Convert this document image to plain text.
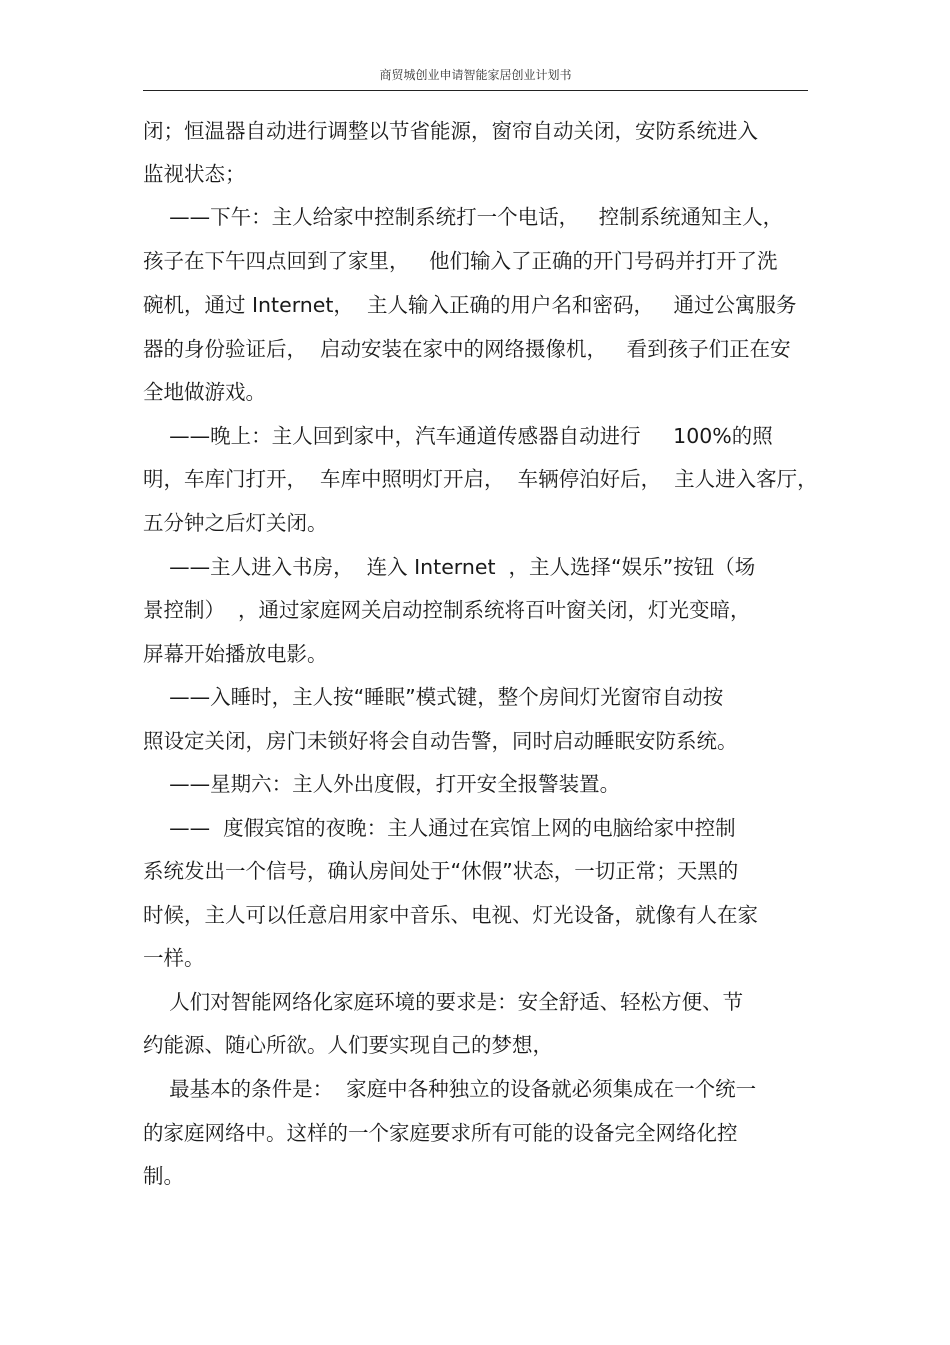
商贸城创业申请智能家居创业计划书
闭；恒温器自动进行调整以节省能源，窗帘自动关闭，安防系统进入
监视状态；
——下午：主人给家中控制系统打一个电话，   控制系统通知主人，
孩子在下午四点回到了家里，   他们输入了正确的开门号码并打开了洗
碗机，通过 Internet，  主人输入正确的用户名和密码，   通过公寓服务
器的身份验证后，  启动安装在家中的网络摄像机，   看到孩子们正在安
全地做游戏。
——晚上：主人回到家中，汽车通道传感器自动进行     100%的照
明，车库门打开，  车库中照明灯开启，  车辆停泊好后，  主人进入客厅，
五分钟之后灯关闭。
——主人进入书房，  连入 Internet  ，主人选择“娱乐”按钮（场
景控制）  ，通过家庭网关启动控制系统将百叶窗关闭，灯光变暗，
屏幕开始播放电影。
——入睡时，主人按“睡眠”模式键，整个房间灯光窗帘自动按
照设定关闭，房门未锁好将会自动告警，同时启动睡眠安防系统。
——星期六：主人外出度假，打开安全报警装置。
——  度假宾馆的夜晚：主人通过在宾馆上网的电脑给家中控制
系统发出一个信号，确认房间处于“休假”状态，一切正常；天黑的
时候，主人可以任意启用家中音乐、电视、灯光设备，就像有人在家
一样。
人们对智能网络化家庭环境的要求是：安全舒适、轻松方便、节
约能源、随心所欲。人们要实现自己的梦想，
最基本的条件是：  家庭中各种独立的设备就必须集成在一个统一
的家庭网络中。这样的一个家庭要求所有可能的设备完全网络化控
制。
